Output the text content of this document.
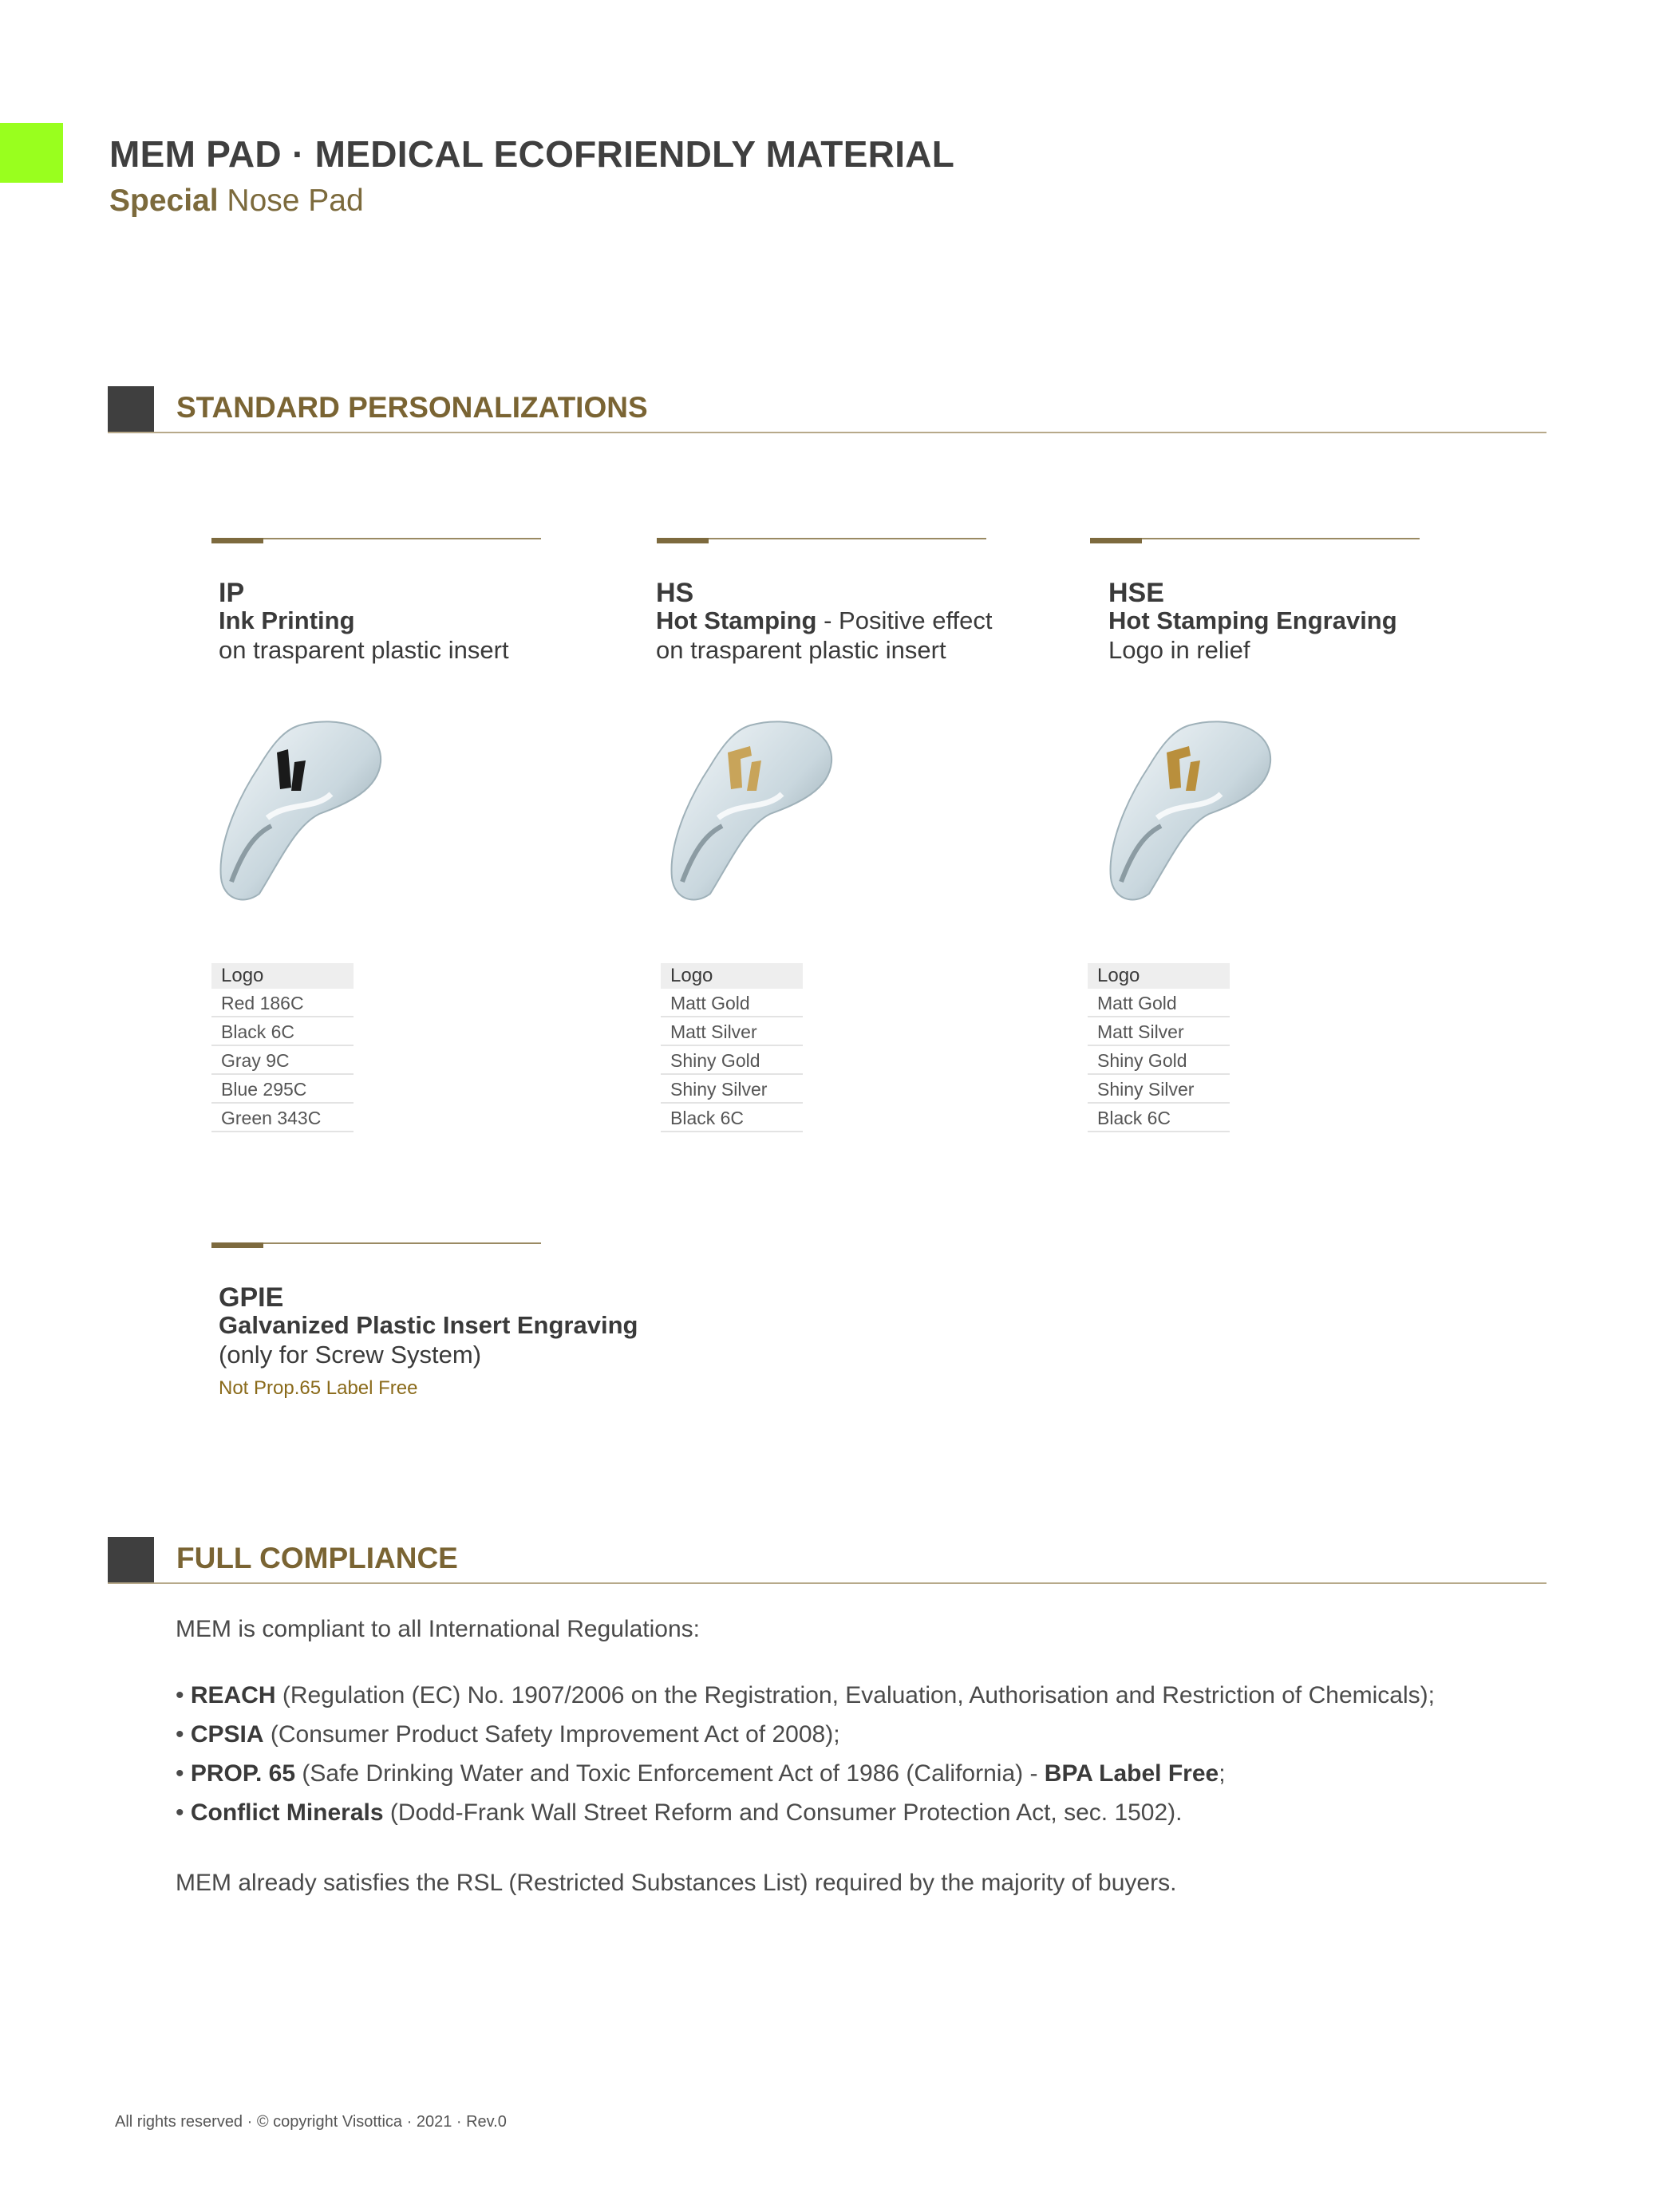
MEM PAD · MEDICAL ECOFRIENDLY MATERIAL
Special Nose Pad
STANDARD PERSONALIZATIONS
IP
Ink Printing
on trasparent plastic insert
Logo
Red 186C
Black 6C
Gray 9C
Blue 295C
Green 343C
HS
Hot Stamping - Positive effect
on trasparent plastic insert
Logo
Matt Gold
Matt Silver
Shiny Gold
Shiny Silver
Black 6C
HSE
Hot Stamping Engraving
Logo in relief
Logo
Matt Gold
Matt Silver
Shiny Gold
Shiny Silver
Black 6C
GPIE
Galvanized Plastic Insert Engraving
(only for Screw System)
Not Prop.65 Label Free
FULL COMPLIANCE
MEM is compliant to all International Regulations:
• REACH (Regulation (EC) No. 1907/2006 on the Registration, Evaluation, Authorisation and Restriction of Chemicals);
• CPSIA (Consumer Product Safety Improvement Act of 2008);
• PROP. 65 (Safe Drinking Water and Toxic Enforcement Act of 1986 (California) - BPA Label Free;
• Conflict Minerals (Dodd-Frank Wall Street Reform and Consumer Protection Act, sec. 1502).
MEM already satisfies the RSL (Restricted Substances List) required by the majority of buyers.
All rights reserved · © copyright Visottica · 2021 · Rev.0
